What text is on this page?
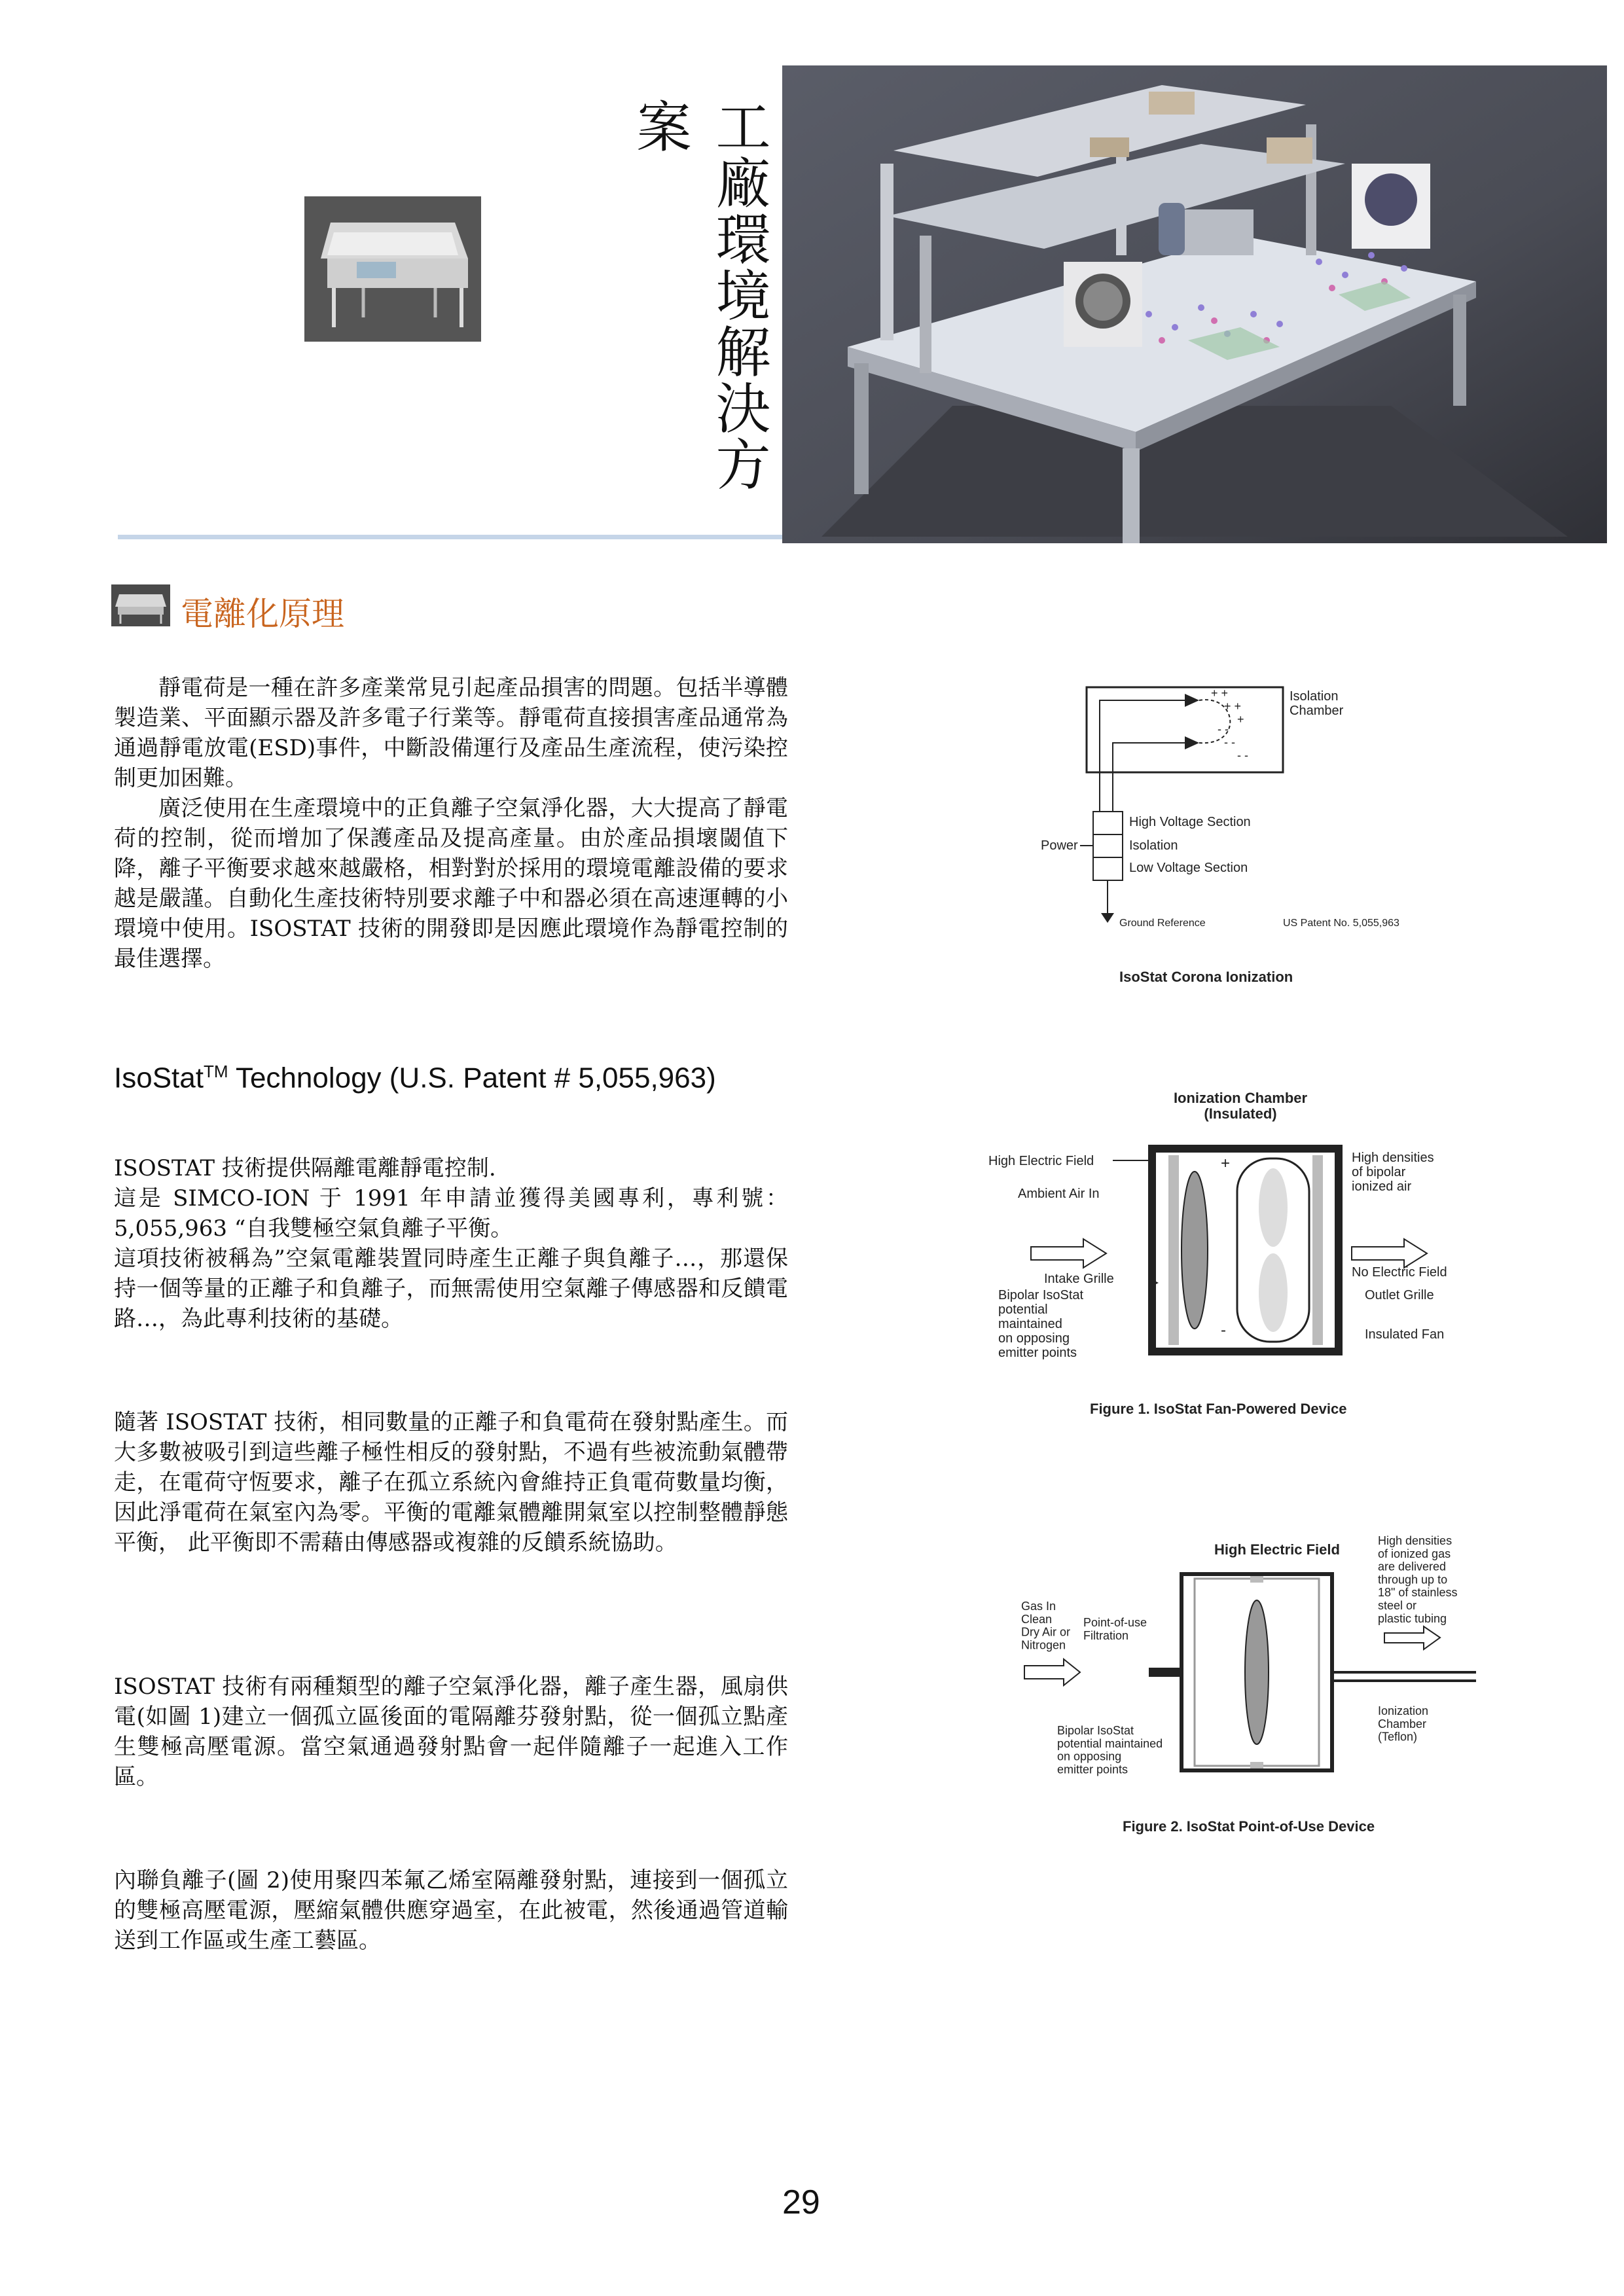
工廠環境解決方案
電離化原理

靜電荷是一種在許多產業常見引起產品損害的問題。包括半導體製造業、平面顯示器及許多電子行業等。靜電荷直接損害產品通常為通過靜電放電(ESD)事件，中斷設備運行及產品生產流程，使污染控制更加困難。

廣泛使用在生產環境中的正負離子空氣淨化器，大大提高了靜電荷的控制，從而增加了保護產品及提高產量。由於產品損壞閾值下降，離子平衡要求越來越嚴格，相對對於採用的環境電離設備的要求越是嚴謹。自動化生產技術特別要求離子中和器必須在高速運轉的小環境中使用。ISOSTAT 技術的開發即是因應此環境作為靜電控制的最佳選擇。

IsoStat™ Technology (U.S. Patent # 5,055,963)
ISOSTAT 技術提供隔離電離靜電控制.
這是 SIMCO-ION 于 1991 年申請並獲得美國專利，專利號：5,055,963 “自我雙極空氣負離子平衡。
這項技術被稱為”空氣電離裝置同時產生正離子與負離子…，那還保持一個等量的正離子和負離子，而無需使用空氣離子傳感器和反饋電路…，為此專利技術的基礎。
隨著 ISOSTAT 技術，相同數量的正離子和負電荷在發射點產生。而大多數被吸引到這些離子極性相反的發射點，不過有些被流動氣體帶走，在電荷守恆要求，離子在孤立系統內會維持正負電荷數量均衡，因此淨電荷在氣室內為零。平衡的電離氣體離開氣室以控制整體靜態平衡， 此平衡即不需藉由傳感器或複雜的反饋系統協助。
ISOSTAT 技術有兩種類型的離子空氣淨化器，離子產生器，風扇供電(如圖 1)建立一個孤立區後面的電隔離芬發射點，從一個孤立點產生雙極高壓電源。當空氣通過發射點會一起伴隨離子一起進入工作區。
內聯負離子(圖 2)使用聚四苯氟乙烯室隔離發射點，連接到一個孤立的雙極高壓電源，壓縮氣體供應穿過室，在此被電，然後通過管道輸送到工作區或生產工藝區。
+ +
+ +
+
- -
- -
- -
Isolation Chamber
Power
High Voltage Section
Isolation
Low Voltage Section
Ground Reference	US Patent No. 5,055,963
IsoStat Corona Ionization
Ionization Chamber (Insulated)
+
-
High Electric Field
Ambient Air In
Intake Grille
Bipolar IsoStat potential maintained on opposing emitter points
High densities of bipolar ionized air
No Electric Field
Outlet Grille
Insulated Fan
Figure 1. IsoStat Fan-Powered Device
High Electric Field
High densities of ionized gas are delivered through up to 18" of stainless steel or plastic tubing
Gas In Clean Dry Air or Nitrogen
Point-of-use Filtration
Bipolar IsoStat potential maintained on opposing emitter points
Ionization Chamber (Teflon)
Figure 2. IsoStat Point-of-Use Device
29
